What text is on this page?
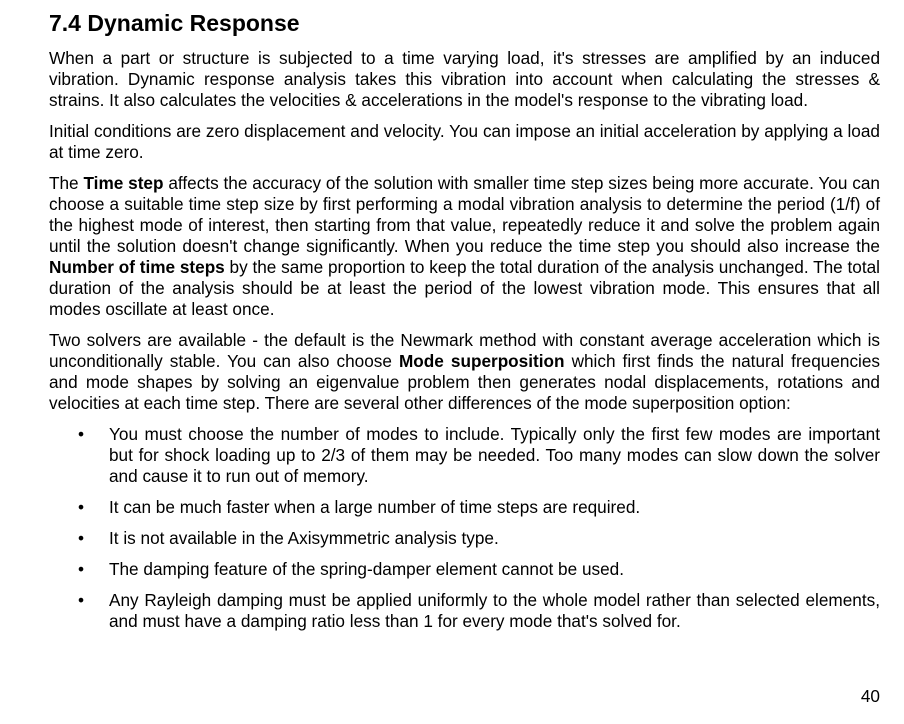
7.4 Dynamic Response

When a part or structure is subjected to a time varying load, it's stresses are amplified by an induced vibration. Dynamic response analysis takes this vibration into account when calculating the stresses & strains. It also calculates the velocities & accelerations in the model's response to the vibrating load.

Initial conditions are zero displacement and velocity. You can impose an initial acceleration by applying a load at time zero.

The Time step affects the accuracy of the solution with smaller time step sizes being more accurate. You can choose a suitable time step size by first performing a modal vibration analysis to determine the period (1/f) of the highest mode of interest, then starting from that value, repeatedly reduce it and solve the problem again until the solution doesn't change significantly. When you reduce the time step you should also increase the Number of time steps by the same proportion to keep the total duration of the analysis unchanged. The total duration of the analysis should be at least the period of the lowest vibration mode. This ensures that all modes oscillate at least once.

Two solvers are available - the default is the Newmark method with constant average acceleration which is unconditionally stable. You can also choose Mode superposition which first finds the natural frequencies and mode shapes by solving an eigenvalue problem then generates nodal displacements, rotations and velocities at each time step. There are several other differences of the mode superposition option:

• You must choose the number of modes to include. Typically only the first few modes are important but for shock loading up to 2/3 of them may be needed. Too many modes can slow down the solver and cause it to run out of memory.
• It can be much faster when a large number of time steps are required.
• It is not available in the Axisymmetric analysis type.
• The damping feature of the spring-damper element cannot be used.
• Any Rayleigh damping must be applied uniformly to the whole model rather than selected elements, and must have a damping ratio less than 1 for every mode that's solved for.
40
